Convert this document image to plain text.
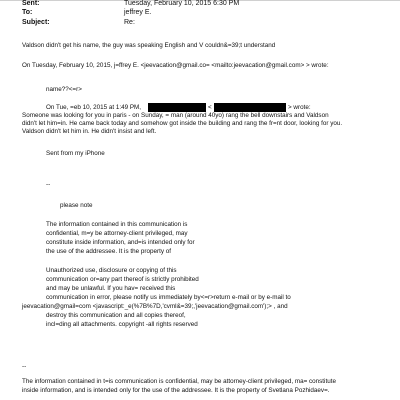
Sent:	Tuesday, February 10, 2015 6:30 PM
To:	jeffrey E.
Subject:	Re:
Valdson didn't get his name, the guy was speaking English and V couldn&=39;t understand
On Tuesday, February 10, 2015, j=ffrey E. <jeevacation@gmail.co= <mailto:jeevacation@gmail.com> > wrote:
name??<=r>
On Tue, =eb 10, 2015 at 1:49 PM,	<	> wrote:
Someone was looking for you in paris - on Sunday, = man (around 40yo) rang the bell downstairs and Valdson
didn't let him=in. He came back today and somehow got inside the building and rang the fr=nt door, looking for you.
Valdson didn't let him in. He didn't insist and left.
Sent from my iPhone
--
please note
The information contained in this communication is
confidential, m=y be attorney-client privileged, may
constitute inside information, and=is intended only for
the use of the addressee. It is the property of
Unauthorized use, disclosure or copying of this
communication or=any part thereof is strictly prohibited
and may be unlawful. If you hav= received this
communication in error, please notify us immediately by<=r>return e-mail or by e-mail to
jeevacation@gmail=com <javascript:_e(%7B%7D,'cvml&=39;,'jeevacation@gmail.com');> , and
destroy this communication and all copies thereof,
incl=ding all attachments. copyright -all rights reserved
--
The information contained in t=is communication is confidential, may be attorney-client privileged, ma= constitute
inside information, and is intended only for the use of the addressee. It is the property of Svetlana Pozhidaev=.
